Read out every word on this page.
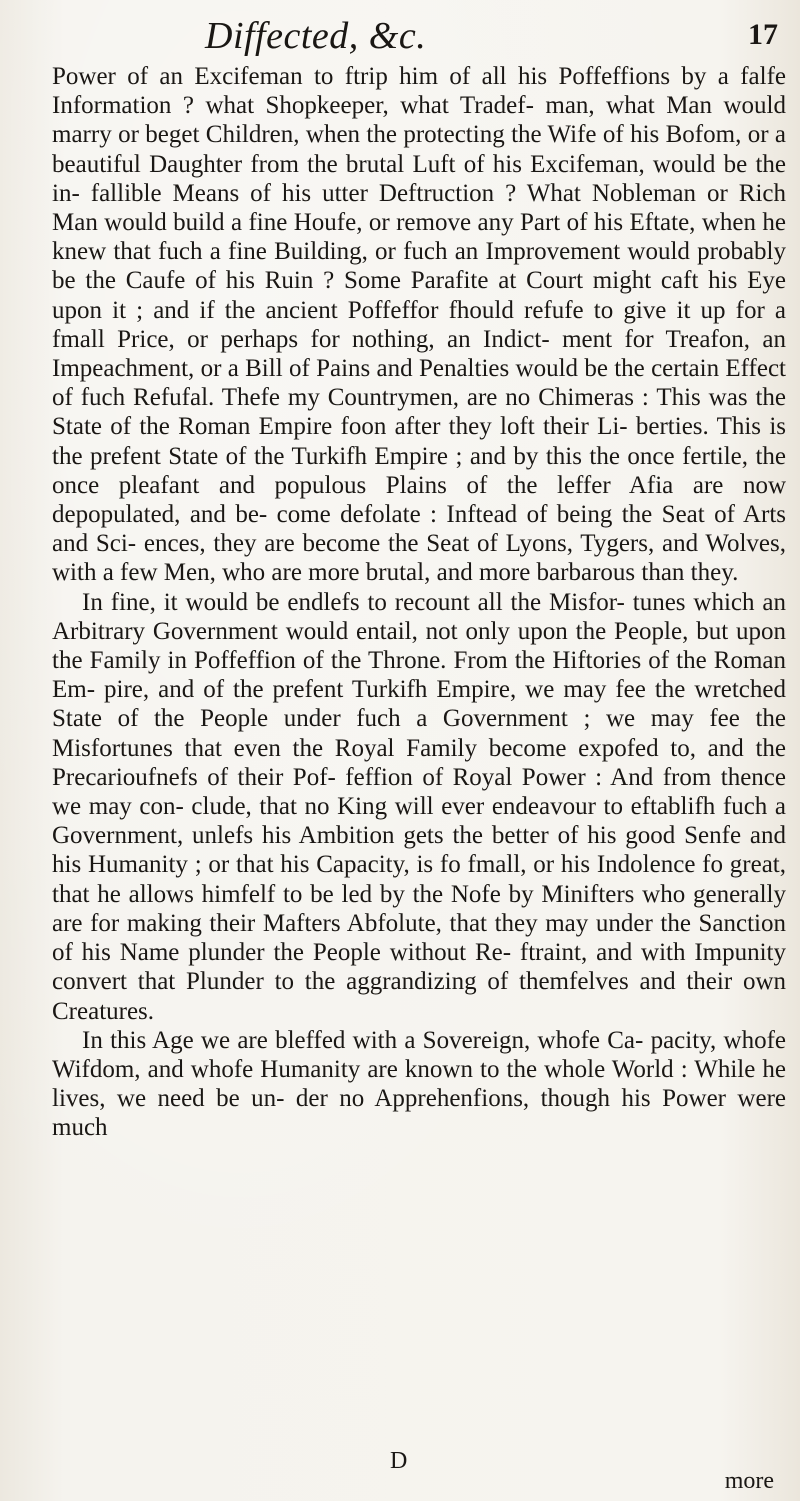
Diffected, &c.	17

Power of an Excifeman to ftrip him of all his Poffeffions by a falfe Information ? what Shopkeeper, what Tradef- man, what Man would marry or beget Children, when the protecting the Wife of his Bofom, or a beautiful Daughter from the brutal Luft of his Excifeman, would be the in- fallible Means of his utter Deftruction ? What Nobleman or Rich Man would build a fine Houfe, or remove any Part of his Eftate, when he knew that fuch a fine Building, or fuch an Improvement would probably be the Caufe of his Ruin ? Some Parafite at Court might caft his Eye upon it ; and if the ancient Poffeffor fhould refufe to give it up for a fmall Price, or perhaps for nothing, an Indict- ment for Treafon, an Impeachment, or a Bill of Pains and Penalties would be the certain Effect of fuch Refufal. Thefe my Countrymen, are no Chimeras : This was the State of the Roman Empire foon after they loft their Li- berties. This is the prefent State of the Turkifh Empire ; and by this the once fertile, the once pleafant and populous Plains of the leffer Afia are now depopulated, and be- come defolate : Inftead of being the Seat of Arts and Sci- ences, they are become the Seat of Lyons, Tygers, and Wolves, with a few Men, who are more brutal, and more barbarous than they.

In fine, it would be endlefs to recount all the Misfor- tunes which an Arbitrary Government would entail, not only upon the People, but upon the Family in Poffeffion of the Throne. From the Hiftories of the Roman Em- pire, and of the prefent Turkifh Empire, we may fee the wretched State of the People under fuch a Government ; we may fee the Misfortunes that even the Royal Family become expofed to, and the Precarioufnefs of their Pof- feffion of Royal Power : And from thence we may con- clude, that no King will ever endeavour to eftablifh fuch a Government, unlefs his Ambition gets the better of his good Senfe and his Humanity ; or that his Capacity, is fo fmall, or his Indolence fo great, that he allows himfelf to be led by the Nofe by Minifters who generally are for making their Mafters Abfolute, that they may under the Sanction of his Name plunder the People without Re- ftraint, and with Impunity convert that Plunder to the aggrandizing of themfelves and their own Creatures.

In this Age we are bleffed with a Sovereign, whofe Ca- pacity, whofe Wifdom, and whofe Humanity are known to the whole World : While he lives, we need be un- der no Apprehenfions, though his Power were much

D
more
